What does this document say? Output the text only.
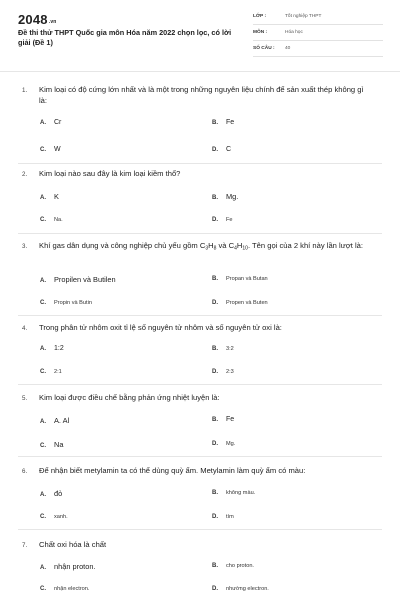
2048.vn
Đề thi thử THPT Quốc gia môn Hóa năm 2022 chọn lọc, có lời giải (Đề 1)
LỚP :	Tốt nghiệp THPT
MÔN :	Hóa học
SỐ CÂU : 40
1. Kim loại có độ cứng lớn nhất và là một trong những nguyên liệu chính để sản xuất thép không gỉ là:
A. Cr	B. Fe
C. W	D. C
2. Kim loại nào sau đây là kim loại kiềm thổ?
A. K	B. Mg.
C. Na.	D. Fe
3. Khí gas dân dụng và công nghiệp chủ yếu gồm $C_3H_8$ và $C_4H_{10}$. Tên gọi của 2 khí này lần lượt là:
A. Propilen và Butilen	B. Propan và Butan
C. Propin và Butin	D. Propen và Buten
4. Trong phân tử nhôm oxit tỉ lệ số nguyên tử nhôm và số nguyên tử oxi là:
A. 1:2	B. 3:2
C. 2:1	D. 2:3
5. Kim loại được điều chế bằng phản ứng nhiệt luyện là:
A. A. Al	B. Fe
C. Na	D. Mg.
6. Để nhận biết metylamin ta có thể dùng quỳ ẩm. Metylamin làm quỳ ẩm có màu:
A. đỏ	B. không màu.
C. xanh.	D. tím
7. Chất oxi hóa là chất
A. nhận proton.	B. cho proton.
C. nhận electron.	D. nhường electron.
